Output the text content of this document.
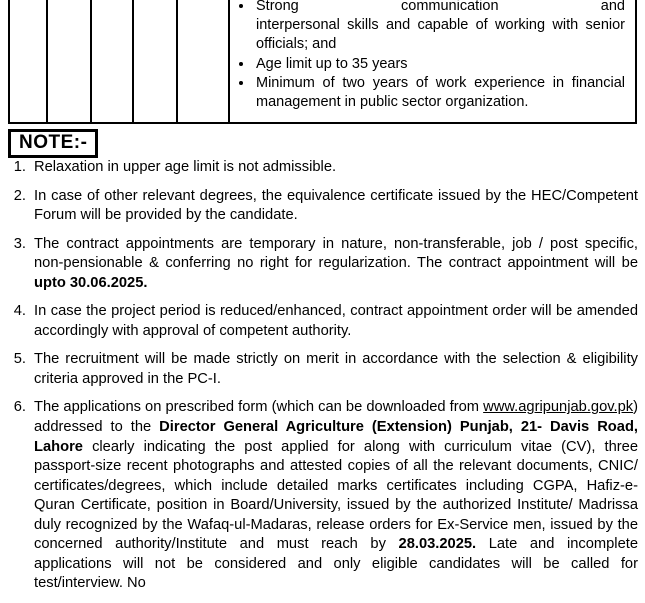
• Strong communication and
interpersonal skills and capable of working with senior officials; and
• Age limit up to 35 years
• Minimum of two years of work experience in financial management in public sector organization.
NOTE:-
1. Relaxation in upper age limit is not admissible.
2. In case of other relevant degrees, the equivalence certificate issued by the HEC/Competent Forum will be provided by the candidate.
3. The contract appointments are temporary in nature, non-transferable, job / post specific, non-pensionable & conferring no right for regularization. The contract appointment will be upto 30.06.2025.
4. In case the project period is reduced/enhanced, contract appointment order will be amended accordingly with approval of competent authority.
5. The recruitment will be made strictly on merit in accordance with the selection & eligibility criteria approved in the PC-I.
6. The applications on prescribed form (which can be downloaded from www.agripunjab.gov.pk) addressed to the Director General Agriculture (Extension) Punjab, 21- Davis Road, Lahore clearly indicating the post applied for along with curriculum vitae (CV), three passport-size recent photographs and attested copies of all the relevant documents, CNIC/ certificates/degrees, which include detailed marks certificates including CGPA, Hafiz-e-Quran Certificate, position in Board/University, issued by the authorized Institute/ Madrissa duly recognized by the Wafaq-ul-Madaras, release orders for Ex-Service men, issued by the concerned authority/Institute and must reach by 28.03.2025. Late and incomplete applications will not be considered and only eligible candidates will be called for test/interview. No
